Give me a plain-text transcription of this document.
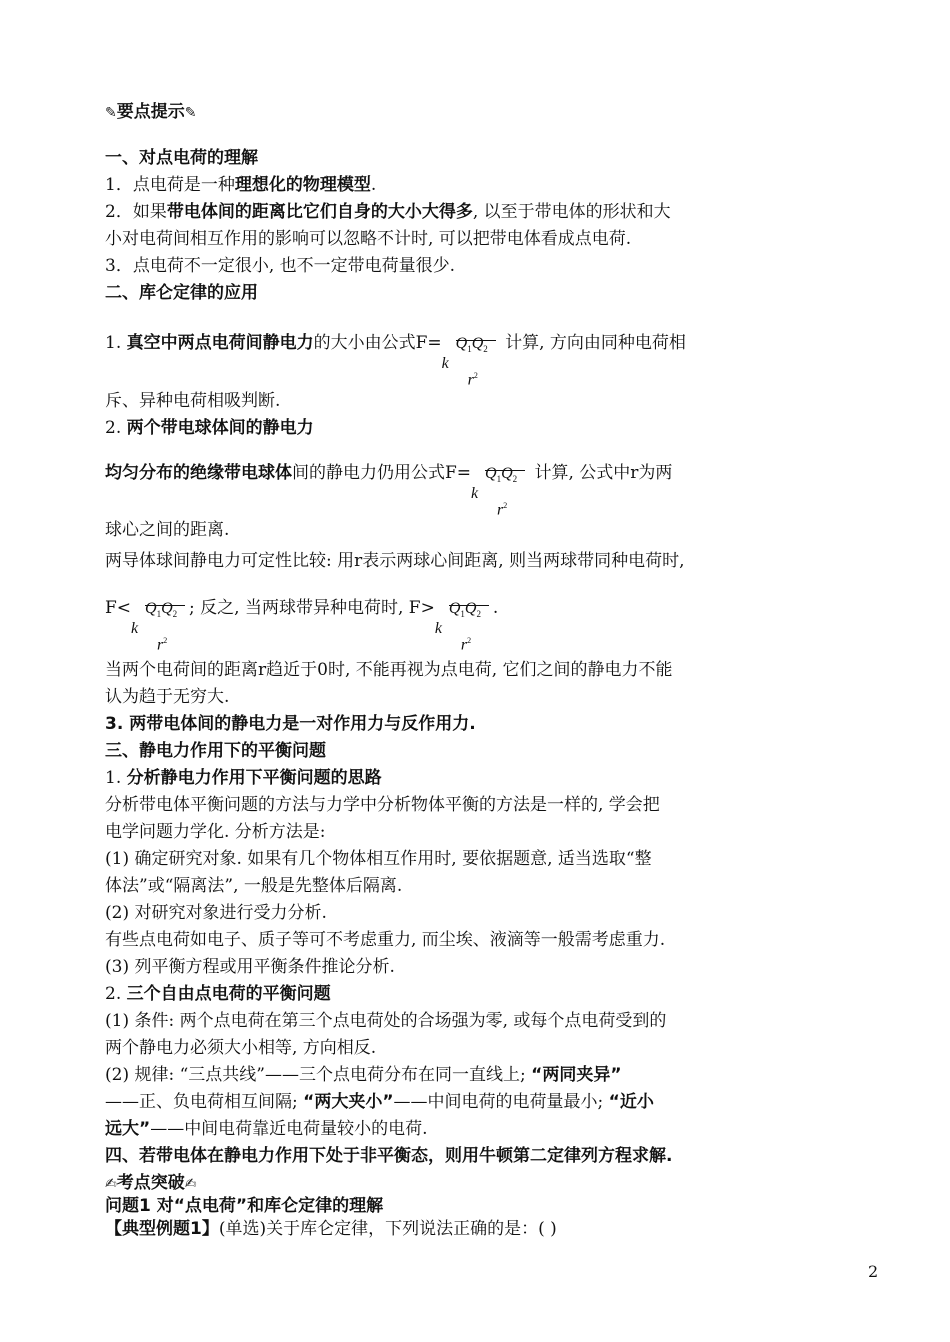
✎要点提示✎
一、对点电荷的理解
1．点电荷是一种理想化的物理模型.
2．如果带电体间的距离比它们自身的大小大得多, 以至于带电体的形状和大
小对电荷间相互作用的影响可以忽略不计时, 可以把带电体看成点电荷.
3．点电荷不一定很小, 也不一定带电荷量很少.
二、库仑定律的应用
1. 真空中两点电荷间静电力的大小由公式F=
k
$Q_1Q_2$
$r^2$
计算, 方向由同种电荷相
斥、异种电荷相吸判断.
2. 两个带电球体间的静电力
均匀分布的绝缘带电球体间的静电力仍用公式F=
k
$Q_1Q_2$
$r^2$
计算, 公式中r为两
球心之间的距离.
两导体球间静电力可定性比较: 用r表示两球心间距离, 则当两球带同种电荷时,
F<
k
$Q_1Q_2$
$r^2$
; 反之, 当两球带异种电荷时, F>
k
$Q_1Q_2$
$r^2$
.
当两个电荷间的距离r趋近于0时, 不能再视为点电荷, 它们之间的静电力不能
认为趋于无穷大.
3. 两带电体间的静电力是一对作用力与反作用力.
三、静电力作用下的平衡问题
1. 分析静电力作用下平衡问题的思路
分析带电体平衡问题的方法与力学中分析物体平衡的方法是一样的, 学会把
电学问题力学化. 分析方法是:
(1) 确定研究对象. 如果有几个物体相互作用时, 要依据题意, 适当选取“整
体法”或“隔离法”, 一般是先整体后隔离.
(2) 对研究对象进行受力分析.
有些点电荷如电子、质子等可不考虑重力, 而尘埃、液滴等一般需考虑重力.
(3) 列平衡方程或用平衡条件推论分析.
2. 三个自由点电荷的平衡问题
(1) 条件: 两个点电荷在第三个点电荷处的合场强为零, 或每个点电荷受到的
两个静电力必须大小相等, 方向相反.
(2) 规律: “三点共线”——三个点电荷分布在同一直线上; “两同夹异”
——正、负电荷相互间隔; “两大夹小”——中间电荷的电荷量最小; “近小
远大”——中间电荷靠近电荷量较小的电荷.
四、若带电体在静电力作用下处于非平衡态，则用牛顿第二定律列方程求解.
✍考点突破✍
问题1 对“点电荷”和库仑定律的理解
【典型例题1】(单选)关于库仑定律，下列说法正确的是：( )
2
